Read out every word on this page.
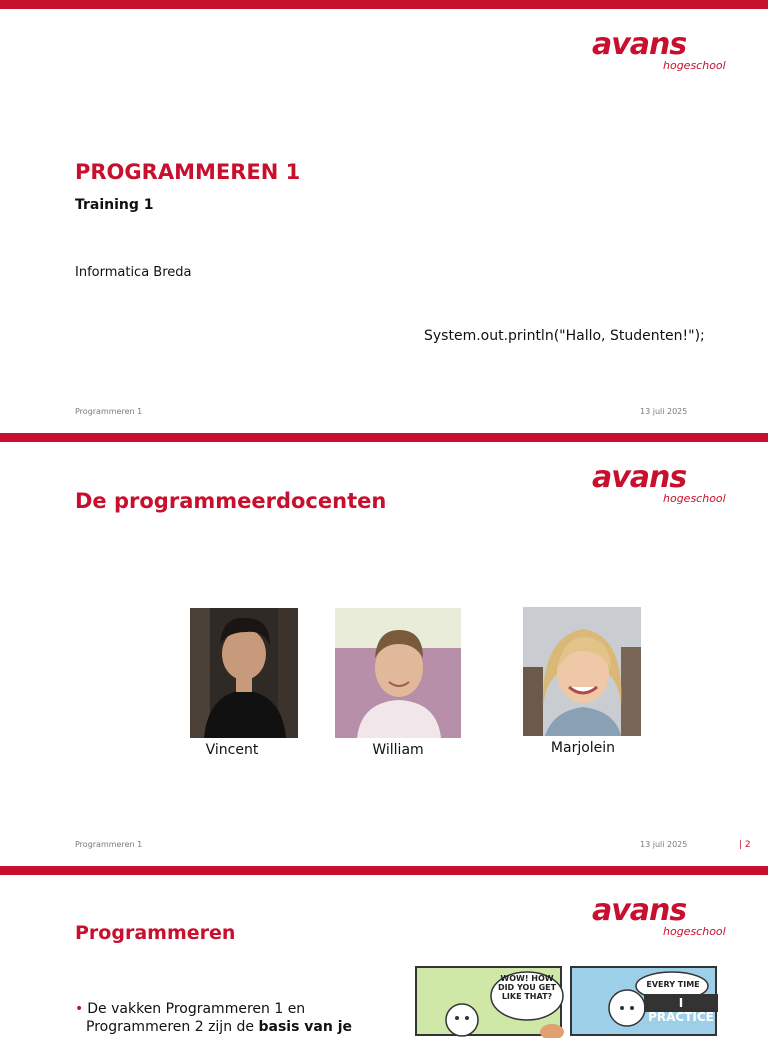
avans
hogeschool
PROGRAMMEREN 1
Training 1
Informatica Breda
System.out.println("Hallo, Studenten!");
Programmeren 1	13 juli 2025
avans
hogeschool
De programmeerdocenten
Vincent	William	Marjolein
Programmeren 1	13 juli 2025	| 2
avans
hogeschool
Programmeren
• De vakken Programmeren 1 en
Programmeren 2 zijn de basis van je
WOW! HOW DID YOU GET LIKE THAT?
EVERY TIME
I PRACTICE
